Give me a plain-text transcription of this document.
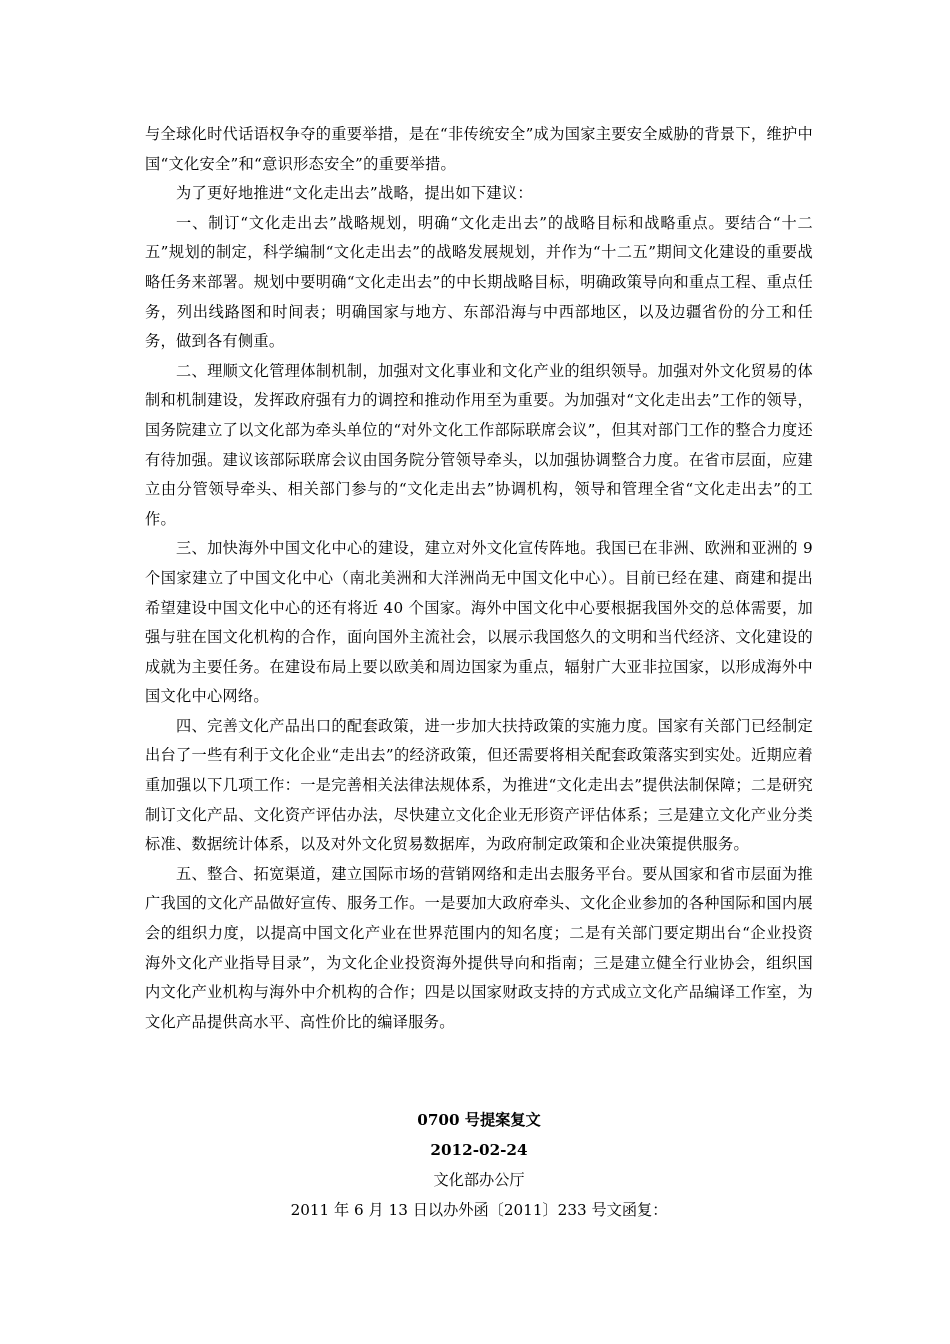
与全球化时代话语权争夺的重要举措，是在“非传统安全”成为国家主要安全威胁的背景下，维护中国“文化安全”和“意识形态安全”的重要举措。

为了更好地推进“文化走出去”战略，提出如下建议：

一、制订“文化走出去”战略规划，明确“文化走出去”的战略目标和战略重点。要结合“十二五”规划的制定，科学编制“文化走出去”的战略发展规划，并作为“十二五”期间文化建设的重要战略任务来部署。规划中要明确“文化走出去”的中长期战略目标，明确政策导向和重点工程、重点任务，列出线路图和时间表；明确国家与地方、东部沿海与中西部地区，以及边疆省份的分工和任务，做到各有侧重。

二、理顺文化管理体制机制，加强对文化事业和文化产业的组织领导。加强对外文化贸易的体制和机制建设，发挥政府强有力的调控和推动作用至为重要。为加强对“文化走出去”工作的领导，国务院建立了以文化部为牵头单位的“对外文化工作部际联席会议”，但其对部门工作的整合力度还有待加强。建议该部际联席会议由国务院分管领导牵头，以加强协调整合力度。在省市层面，应建立由分管领导牵头、相关部门参与的“文化走出去”协调机构，领导和管理全省“文化走出去”的工作。

三、加快海外中国文化中心的建设，建立对外文化宣传阵地。我国已在非洲、欧洲和亚洲的 9 个国家建立了中国文化中心（南北美洲和大洋洲尚无中国文化中心）。目前已经在建、商建和提出希望建设中国文化中心的还有将近 40 个国家。海外中国文化中心要根据我国外交的总体需要，加强与驻在国文化机构的合作，面向国外主流社会，以展示我国悠久的文明和当代经济、文化建设的成就为主要任务。在建设布局上要以欧美和周边国家为重点，辐射广大亚非拉国家，以形成海外中国文化中心网络。

四、完善文化产品出口的配套政策，进一步加大扶持政策的实施力度。国家有关部门已经制定出台了一些有利于文化企业“走出去”的经济政策，但还需要将相关配套政策落实到实处。近期应着重加强以下几项工作：一是完善相关法律法规体系，为推进“文化走出去”提供法制保障；二是研究制订文化产品、文化资产评估办法，尽快建立文化企业无形资产评估体系；三是建立文化产业分类标准、数据统计体系，以及对外文化贸易数据库，为政府制定政策和企业决策提供服务。

五、整合、拓宽渠道，建立国际市场的营销网络和走出去服务平台。要从国家和省市层面为推广我国的文化产品做好宣传、服务工作。一是要加大政府牵头、文化企业参加的各种国际和国内展会的组织力度，以提高中国文化产业在世界范围内的知名度；二是有关部门要定期出台“企业投资海外文化产业指导目录”，为文化企业投资海外提供导向和指南；三是建立健全行业协会，组织国内文化产业机构与海外中介机构的合作；四是以国家财政支持的方式成立文化产品编译工作室，为文化产品提供高水平、高性价比的编译服务。

0700 号提案复文
2012-02-24
文化部办公厅
2011 年 6 月 13 日以办外函〔2011〕233 号文函复：
